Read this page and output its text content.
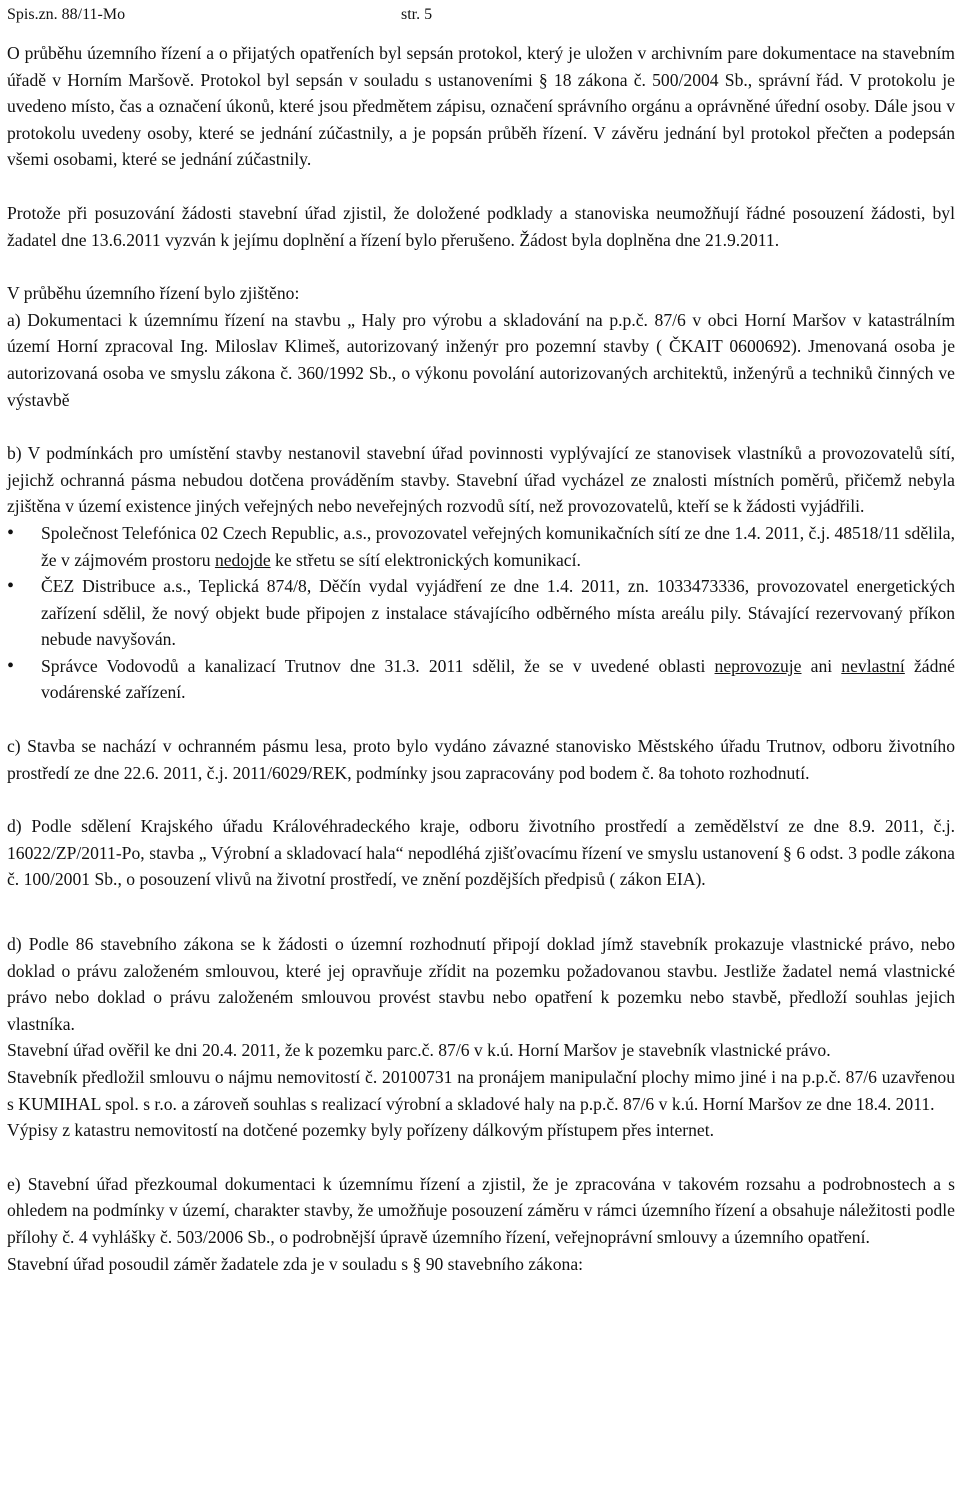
Spis.zn. 88/11-Mo	str. 5

O průběhu územního řízení a o přijatých opatřeních byl sepsán protokol, který je uložen v archivním pare dokumentace na stavebním úřadě v Horním Maršově. Protokol byl sepsán v souladu s ustanoveními § 18 zákona č. 500/2004 Sb., správní řád. V protokolu je uvedeno místo, čas a označení úkonů, které jsou předmětem zápisu, označení správního orgánu a oprávněné úřední osoby. Dále jsou v protokolu uvedeny osoby, které se jednání zúčastnily, a je popsán průběh řízení. V závěru jednání byl protokol přečten a podepsán všemi osobami, které se jednání zúčastnily.

Protože při posuzování žádosti stavební úřad zjistil, že doložené podklady a stanoviska neumožňují řádné posouzení žádosti, byl žadatel dne 13.6.2011 vyzván k jejímu doplnění a řízení bylo přerušeno. Žádost byla doplněna dne 21.9.2011.

V průběhu územního řízení bylo zjištěno:

a) Dokumentaci k územnímu řízení na stavbu „ Haly pro výrobu a skladování na p.p.č. 87/6 v obci Horní Maršov v katastrálním území Horní zpracoval Ing. Miloslav Klimeš, autorizovaný inženýr pro pozemní stavby ( ČKAIT 0600692). Jmenovaná osoba je autorizovaná osoba ve smyslu zákona č. 360/1992 Sb., o výkonu povolání autorizovaných architektů, inženýrů a techniků činných ve výstavbě

b) V podmínkách pro umístění stavby nestanovil stavební úřad povinnosti vyplývající ze stanovisek vlastníků a provozovatelů sítí, jejichž ochranná pásma nebudou dotčena prováděním stavby. Stavební úřad vycházel ze znalosti místních poměrů, přičemž nebyla zjištěna v území existence jiných veřejných nebo neveřejných rozvodů sítí, než provozovatelů, kteří se k žádosti vyjádřili.

• Společnost Telefónica 02 Czech Republic, a.s., provozovatel veřejných komunikačních sítí ze dne 1.4. 2011, č.j. 48518/11 sdělila, že v zájmovém prostoru nedojde ke střetu se sítí elektronických komunikací.
• ČEZ Distribuce a.s., Teplická 874/8, Děčín vydal vyjádření ze dne 1.4. 2011, zn. 1033473336, provozovatel energetických zařízení sdělil, že nový objekt bude připojen z instalace stávajícího odběrného místa areálu pily. Stávající rezervovaný příkon nebude navyšován.
• Správce Vodovodů a kanalizací Trutnov dne 31.3. 2011 sdělil, že se v uvedené oblasti neprovozuje ani nevlastní žádné vodárenské zařízení.

c) Stavba se nachází v ochranném pásmu lesa, proto bylo vydáno závazné stanovisko Městského úřadu Trutnov, odboru životního prostředí ze dne 22.6. 2011, č.j. 2011/6029/REK, podmínky jsou zapracovány pod bodem č. 8a tohoto rozhodnutí.

d) Podle sdělení Krajského úřadu Královéhradeckého kraje, odboru životního prostředí a zemědělství ze dne 8.9. 2011, č.j. 16022/ZP/2011-Po, stavba „ Výrobní a skladovací hala“ nepodléhá zjišťovacímu řízení ve smyslu ustanovení § 6 odst. 3 podle zákona č. 100/2001 Sb., o posouzení vlivů na životní prostředí, ve znění pozdějších předpisů ( zákon EIA).

d) Podle 86 stavebního zákona se k žádosti o územní rozhodnutí připojí doklad jímž stavebník prokazuje vlastnické právo, nebo doklad o právu založeném smlouvou, které jej opravňuje zřídit na pozemku požadovanou stavbu. Jestliže žadatel nemá vlastnické právo nebo doklad o právu založeném smlouvou provést stavbu nebo opatření k pozemku nebo stavbě, předloží souhlas jejich vlastníka.

Stavební úřad ověřil ke dni 20.4. 2011, že k pozemku parc.č. 87/6 v k.ú. Horní Maršov je stavebník vlastnické právo.

Stavebník předložil smlouvu o nájmu nemovitostí č. 20100731 na pronájem manipulační plochy mimo jiné i na p.p.č. 87/6 uzavřenou s KUMIHAL spol. s r.o. a zároveň souhlas s realizací výrobní a skladové haly na p.p.č. 87/6 v k.ú. Horní Maršov ze dne 18.4. 2011.

Výpisy z katastru nemovitostí na dotčené pozemky byly pořízeny dálkovým přístupem přes internet.

e) Stavební úřad přezkoumal dokumentaci k územnímu řízení a zjistil, že je zpracována v takovém rozsahu a podrobnostech a s ohledem na podmínky v území, charakter stavby, že umožňuje posouzení záměru v rámci územního řízení a obsahuje náležitosti podle přílohy č. 4 vyhlášky č. 503/2006 Sb., o podrobnější úpravě územního řízení, veřejnoprávní smlouvy a územního opatření.

Stavební úřad posoudil záměr žadatele zda je v souladu s § 90 stavebního zákona:
